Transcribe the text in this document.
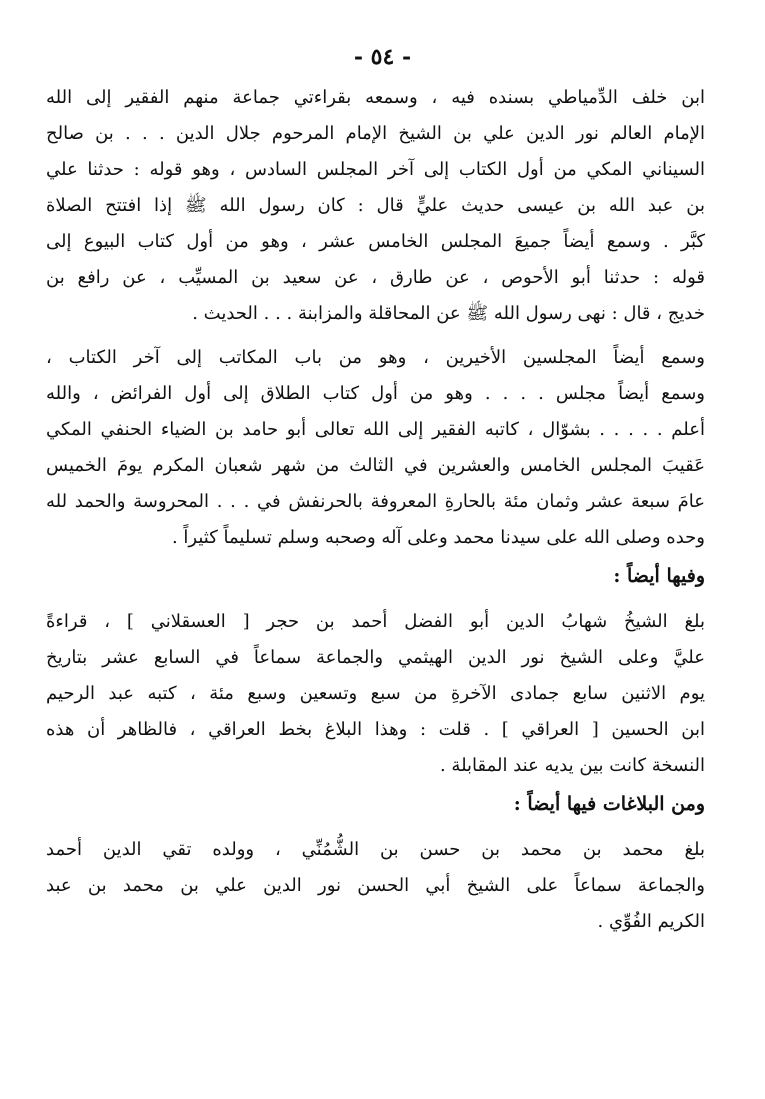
- ٥٤ -
ابن خلف الدِّمياطي بسنده فيه ، وسمعه بقراءتي جماعة منهم الفقير إلى الله
الإمام العالم نور الدين علي بن الشيخ الإمام المرحوم جلال الدين . . . بن صالح
السيناني المكي من أول الكتاب إلى آخر المجلس السادس ، وهو قوله : حدثنا علي
بن عبد الله بن عيسى حديث عليٍّ قال : كان رسول الله ﷺ إذا افتتح الصلاة
كبَّر . وسمع أيضاً جميعَ المجلس الخامس عشر ، وهو من أول كتاب البيوع إلى
قوله : حدثنا أبو الأحوص ، عن طارق ، عن سعيد بن المسيِّب ، عن رافع بن
خديج ، قال : نهى رسول الله ﷺ عن المحاقلة والمزابنة . . . الحديث .
وسمع أيضاً المجلسين الأخيرين ، وهو من باب المكاتب إلى آخر الكتاب ،
وسمع أيضاً مجلس . . . . وهو من أول كتاب الطلاق إلى أول الفرائض ، والله
أعلم . . . . . بشوّال ، كاتبه الفقير إلى الله تعالى أبو حامد بن الضياء الحنفي المكي
عَقيبَ المجلس الخامس والعشرين في الثالث من شهر شعبان المكرم يومَ الخميس
عامَ سبعة عشر وثمان مئة بالحارةِ المعروفة بالحرنفش في . . . المحروسة والحمد لله
وحده وصلى الله على سيدنا محمد وعلى آله وصحبه وسلم تسليماً كثيراً .
وفيها أيضاً :
بلغ الشيخُ شهابُ الدين أبو الفضل أحمد بن حجر [ العسقلاني ] ، قراءةً
عليَّ وعلى الشيخ نور الدين الهيثمي والجماعة سماعاً في السابع عشر بتاريخ
يوم الاثنين سابع جمادى الآخرةِ من سبع وتسعين وسبع مئة ، كتبه عبد الرحيم
ابن الحسين [ العراقي ] . قلت : وهذا البلاغ بخط العراقي ، فالظاهر أن هذه
النسخة كانت بين يديه عند المقابلة .
ومن البلاغات فيها أيضاً :
بلغ محمد بن محمد بن حسن بن الشُّمُنِّي ، وولده تقي الدين أحمد
والجماعة سماعاً على الشيخ أبي الحسن نور الدين علي بن محمد بن عبد
الكريم الفُوِّي .
